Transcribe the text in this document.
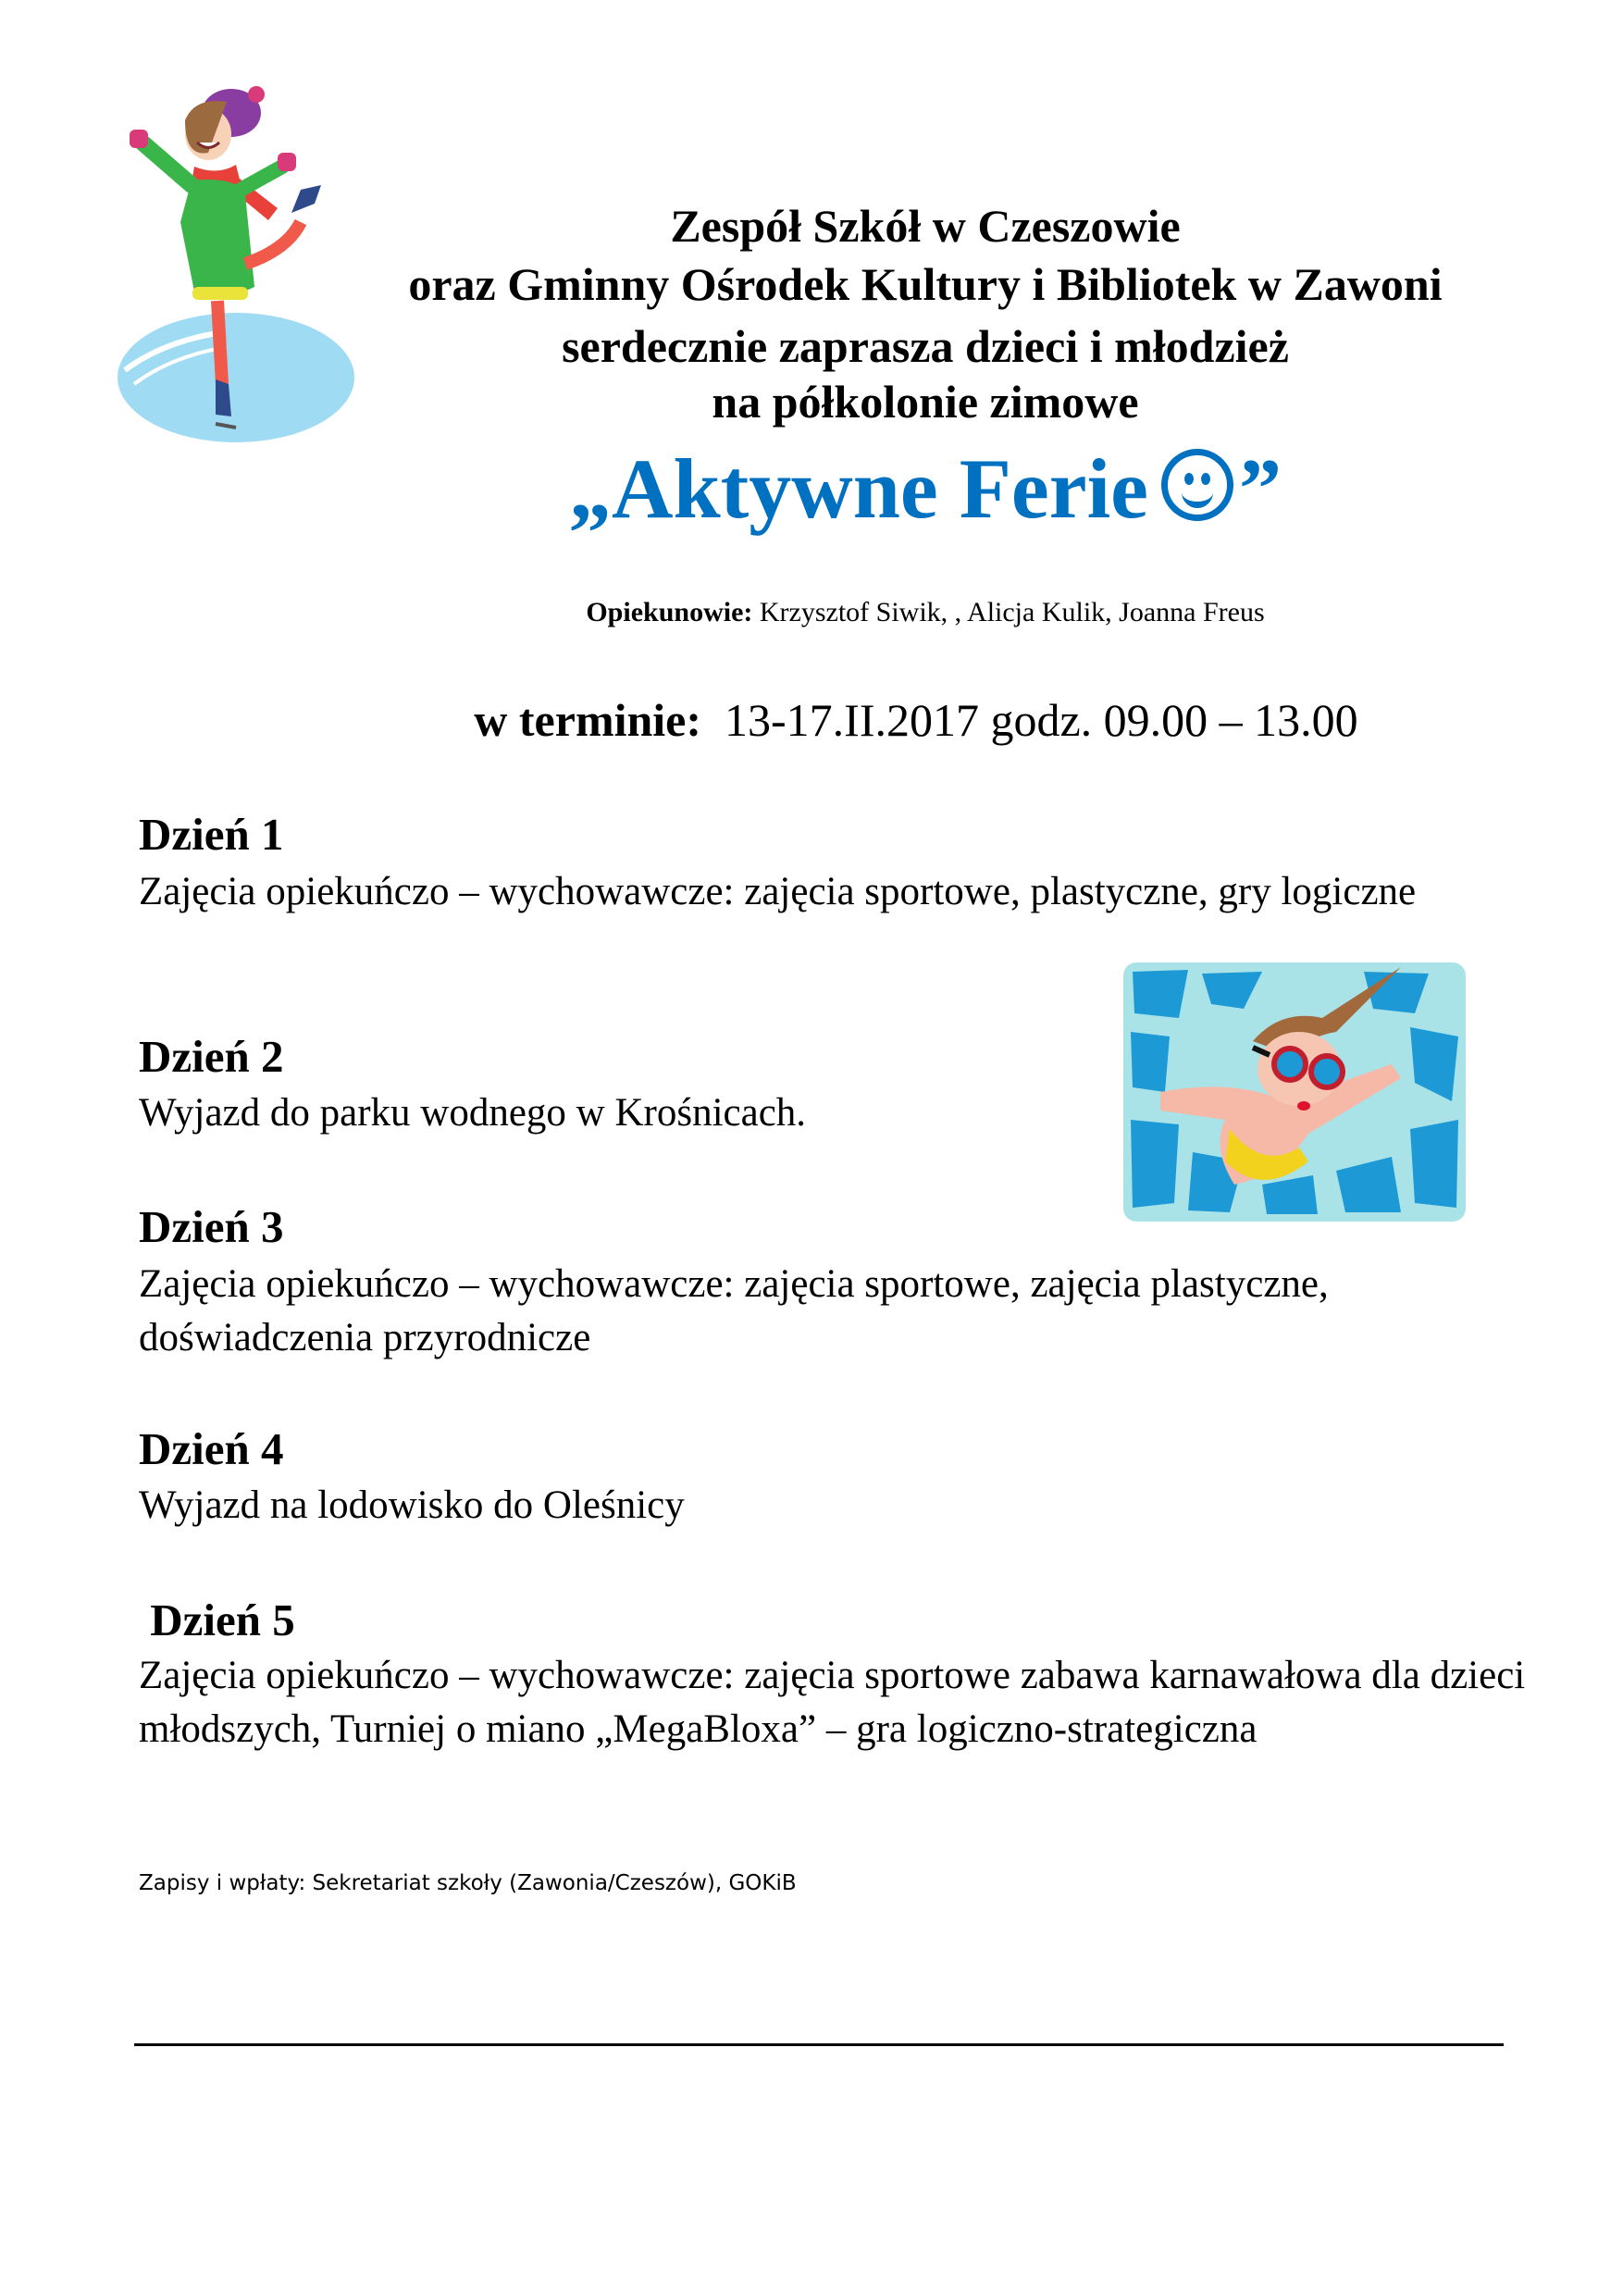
Zespół Szkół w Czeszowie
oraz Gminny Ośrodek Kultury i Bibliotek w Zawoni
serdecznie zaprasza dzieci i młodzież
na półkolonie zimowe
„Aktywne Ferie ”
Opiekunowie: Krzysztof Siwik, , Alicja Kulik, Joanna Freus
w terminie:  13-17.II.2017 godz. 09.00 – 13.00
Dzień 1
Zajęcia opiekuńczo – wychowawcze: zajęcia sportowe, plastyczne, gry logiczne
Dzień 2
Wyjazd do parku wodnego w Krośnicach.
Dzień 3
Zajęcia opiekuńczo – wychowawcze: zajęcia sportowe, zajęcia plastyczne, doświadczenia przyrodnicze
Dzień 4
Wyjazd na lodowisko do Oleśnicy
Dzień 5
Zajęcia opiekuńczo – wychowawcze: zajęcia sportowe zabawa karnawałowa dla dzieci młodszych, Turniej o miano „MegaBloxa” – gra logiczno-strategiczna
Zapisy i wpłaty: Sekretariat szkoły (Zawonia/Czeszów), GOKiB
